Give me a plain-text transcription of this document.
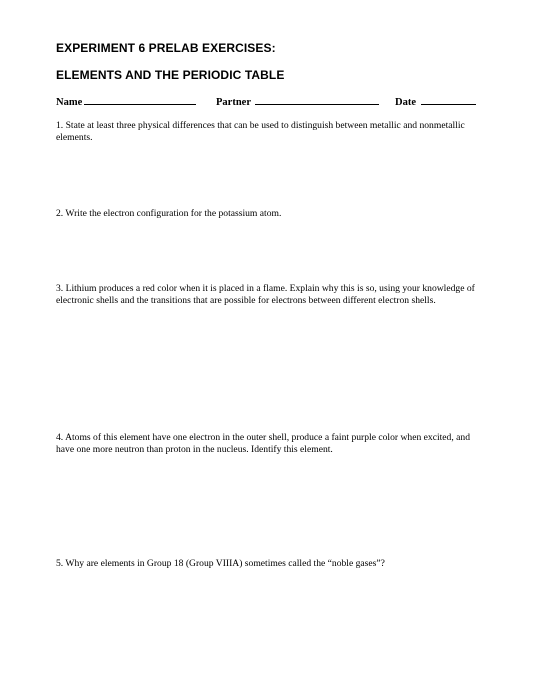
EXPERIMENT 6 PRELAB EXERCISES:
ELEMENTS AND THE PERIODIC TABLE
Name	Partner	Date

1. State at least three physical differences that can be used to distinguish between metallic and nonmetallic elements.

2. Write the electron configuration for the potassium atom.

3. Lithium produces a red color when it is placed in a flame. Explain why this is so, using your knowledge of electronic shells and the transitions that are possible for electrons between different electron shells.

4. Atoms of this element have one electron in the outer shell, produce a faint purple color when excited, and have one more neutron than proton in the nucleus. Identify this element.

5. Why are elements in Group 18 (Group VIIIA) sometimes called the “noble gases”?
